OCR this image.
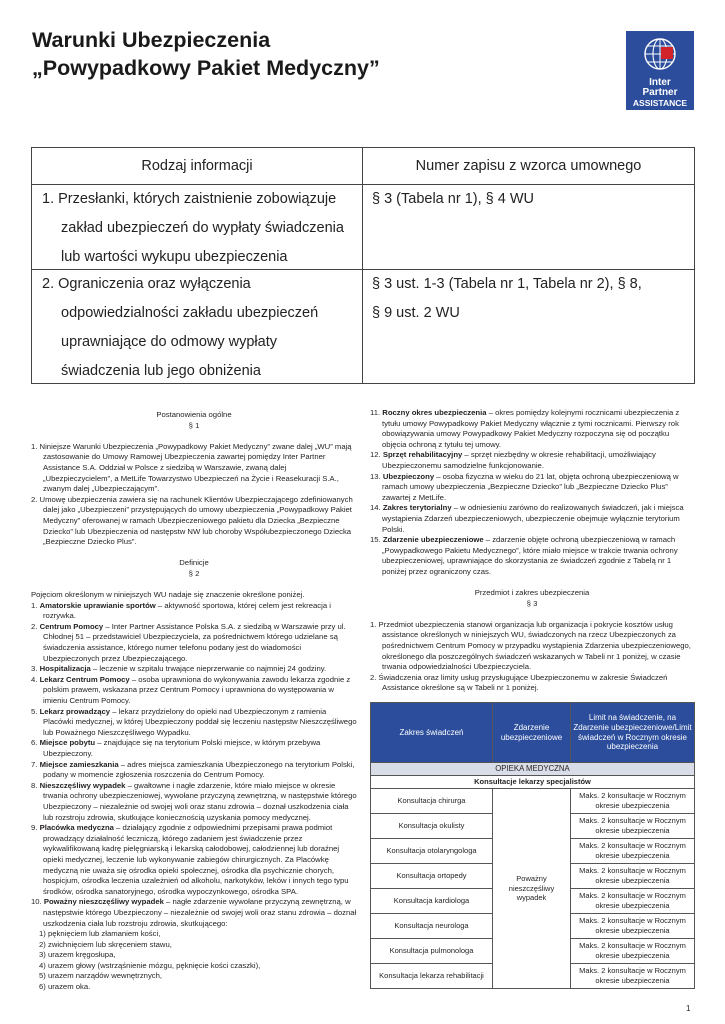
Warunki Ubezpieczenia
„Powypadkowy Pakiet Medyczny”
Inter
Partner
ASSISTANCE
Rodzaj informacji	Numer zapisu z wzorca umownego
1. Przesłanki, których zaistnienie zobowiązuje
zakład ubezpieczeń do wypłaty świadczenia
lub wartości wykupu ubezpieczenia
§ 3 (Tabela nr 1), § 4 WU
2. Ograniczenia oraz wyłączenia
odpowiedzialności zakładu ubezpieczeń
uprawniające do odmowy wypłaty
świadczenia lub jego obniżenia
§ 3 ust. 1-3 (Tabela nr 1, Tabela nr 2), § 8,
§ 9 ust. 2 WU

Postanowienia ogólne

§ 1

1. Niniejsze Warunki Ubezpieczenia „Powypadkowy Pakiet Medyczny” zwane dalej „WU” mają zastosowanie do Umowy Ramowej Ubezpieczenia zawartej pomiędzy Inter Partner Assistance S.A. Oddział w Polsce z siedzibą w Warszawie, zwaną dalej „Ubezpieczycielem”, a MetLife Towarzystwo Ubezpieczeń na Życie i Reasekuracji S.A., zwanym dalej „Ubezpieczającym”.

2. Umowę ubezpieczenia zawiera się na rachunek Klientów Ubezpieczającego zdefiniowanych dalej jako „Ubezpieczeni” przystępujących do umowy ubezpieczenia „Powypadkowy Pakiet Medyczny” oferowanej w ramach Ubezpieczeniowego pakietu dla Dziecka „Bezpieczne Dziecko” lub Ubezpieczenia od następstw NW lub choroby Współubezpieczonego Dziecka „Bezpieczne Dziecko Plus”.

Definicje

§ 2

Pojęciom określonym w niniejszych WU nadaje się znaczenie określone poniżej.

1. Amatorskie uprawianie sportów – aktywność sportowa, której celem jest rekreacja i rozrywka.

2. Centrum Pomocy – Inter Partner Assistance Polska S.A. z siedzibą w Warszawie przy ul. Chłodnej 51 – przedstawiciel Ubezpieczyciela, za pośrednictwem którego udzielane są świadczenia assistance, którego numer telefonu podany jest do wiadomości Ubezpieczonych przez Ubezpieczającego.

3. Hospitalizacja – leczenie w szpitalu trwające nieprzerwanie co najmniej 24 godziny.

4. Lekarz Centrum Pomocy – osoba uprawniona do wykonywania zawodu lekarza zgodnie z polskim prawem, wskazana przez Centrum Pomocy i uprawniona do występowania w imieniu Centrum Pomocy.

5. Lekarz prowadzący – lekarz przydzielony do opieki nad Ubezpieczonym z ramienia Placówki medycznej, w której Ubezpieczony poddał się leczeniu następstw Nieszczęśliwego lub Poważnego Nieszczęśliwego Wypadku.

6. Miejsce pobytu – znajdujące się na terytorium Polski miejsce, w którym przebywa Ubezpieczony.

7. Miejsce zamieszkania – adres miejsca zamieszkania Ubezpieczonego na terytorium Polski, podany w momencie zgłoszenia roszczenia do Centrum Pomocy.

8. Nieszczęśliwy wypadek – gwałtowne i nagłe zdarzenie, które miało miejsce w okresie trwania ochrony ubezpieczeniowej, wywołane przyczyną zewnętrzną, w następstwie którego Ubezpieczony – niezależnie od swojej woli oraz stanu zdrowia – doznał uszkodzenia ciała lub rozstroju zdrowia, skutkujące koniecznością uzyskania pomocy medycznej.

9. Placówka medyczna – działający zgodnie z odpowiednimi przepisami prawa podmiot prowadzący działalność leczniczą, którego zadaniem jest świadczenie przez wykwalifikowaną kadrę pielęgniarską i lekarską całodobowej, całodziennej lub doraźnej opieki medycznej, leczenie lub wykonywanie zabiegów chirurgicznych. Za Placówkę medyczną nie uważa się ośrodka opieki społecznej, ośrodka dla psychicznie chorych, hospicjum, ośrodka leczenia uzależnień od alkoholu, narkotyków, leków i innych tego typu środków, ośrodka sanatoryjnego, ośrodka wypoczynkowego, ośrodka SPA.

10. Poważny nieszczęśliwy wypadek – nagłe zdarzenie wywołane przyczyną zewnętrzną, w następstwie którego Ubezpieczony – niezależnie od swojej woli oraz stanu zdrowia – doznał uszkodzenia ciała lub rozstroju zdrowia, skutkującego:

1) pęknięciem lub złamaniem kości,

2) zwichnięciem lub skręceniem stawu,

3) urazem kręgosłupa,

4) urazem głowy (wstrząśnienie mózgu, pęknięcie kości czaszki),

5) urazem narządów wewnętrznych,

6) urazem oka.

11. Roczny okres ubezpieczenia – okres pomiędzy kolejnymi rocznicami ubezpieczenia z tytułu umowy Powypadkowy Pakiet Medyczny włącznie z tymi rocznicami. Pierwszy rok obowiązywania umowy Powypadkowy Pakiet Medyczny rozpoczyna się od początku objęcia ochroną z tytułu tej umowy.

12. Sprzęt rehabilitacyjny – sprzęt niezbędny w okresie rehabilitacji, umożliwiający Ubezpieczonemu samodzielne funkcjonowanie.

13. Ubezpieczony – osoba fizyczna w wieku do 21 lat, objęta ochroną ubezpieczeniową w ramach umowy ubezpieczenia „Bezpieczne Dziecko” lub „Bezpieczne Dziecko Plus” zawartej z MetLife.

14. Zakres terytorialny – w odniesieniu zarówno do realizowanych świadczeń, jak i miejsca wystąpienia Zdarzeń ubezpieczeniowych, ubezpieczenie obejmuje wyłącznie terytorium Polski.

15. Zdarzenie ubezpieczeniowe – zdarzenie objęte ochroną ubezpieczeniową w ramach „Powypadkowego Pakietu Medycznego”, które miało miejsce w trakcie trwania ochrony ubezpieczeniowej, uprawniające do skorzystania ze świadczeń zgodnie z Tabelą nr 1 poniżej przez ograniczony czas.

Przedmiot i zakres ubezpieczenia

§ 3

1. Przedmiot ubezpieczenia stanowi organizacja lub organizacja i pokrycie kosztów usług assistance określonych w niniejszych WU, świadczonych na rzecz Ubezpieczonych za pośrednictwem Centrum Pomocy w przypadku wystąpienia Zdarzenia ubezpieczeniowego, określonego dla poszczególnych świadczeń wskazanych w Tabeli nr 1 poniżej, w czasie trwania odpowiedzialności Ubezpieczyciela.

2. Świadczenia oraz limity usług przysługujące Ubezpieczonemu w zakresie Świadczeń Assistance określone są w Tabeli nr 1 poniżej.

Zakres świadczeń	Zdarzenie ubezpieczeniowe	Limit na świadczenie, na Zdarzenie ubezpieczeniowe/Limit świadczeń w Rocznym okresie ubezpieczenia
OPIEKA MEDYCZNA		
Konsultacje lekarzy specjalistów		
Konsultacja chirurga	Poważny nieszczęśliwy wypadek	Maks. 2 konsultacje w Rocznym okresie ubezpieczenia
Konsultacja okulisty		Maks. 2 konsultacje w Rocznym okresie ubezpieczenia
Konsultacja otolaryngologa		Maks. 2 konsultacje w Rocznym okresie ubezpieczenia
Konsultacja ortopedy		Maks. 2 konsultacje w Rocznym okresie ubezpieczenia
Konsultacja kardiologa		Maks. 2 konsultacje w Rocznym okresie ubezpieczenia
Konsultacja neurologa		Maks. 2 konsultacje w Rocznym okresie ubezpieczenia
Konsultacja pulmonologa		Maks. 2 konsultacje w Rocznym okresie ubezpieczenia
Konsultacja lekarza rehabilitacji		Maks. 2 konsultacje w Rocznym okresie ubezpieczenia
1
